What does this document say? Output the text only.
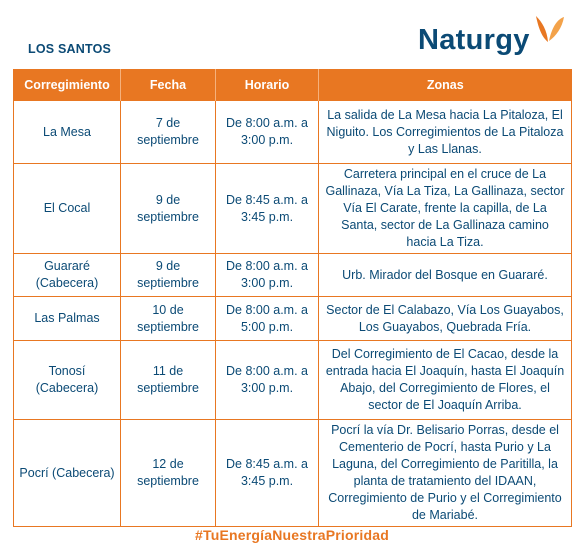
LOS SANTOS	Naturgy
Corregimiento	Fecha	Horario	Zonas
La Mesa	7 de septiembre	De 8:00 a.m. a 3:00 p.m.	La salida de La Mesa hacia La Pitaloza, El Niguito. Los Corregimientos de La Pitaloza y Las Llanas.
El Cocal	9 de septiembre	De 8:45 a.m. a 3:45 p.m.	Carretera principal en el cruce de La Gallinaza, Vía La Tiza, La Gallinaza, sector Vía El Carate, frente la capilla, de La Santa, sector de La Gallinaza camino hacia La Tiza.
Guararé (Cabecera)	9 de septiembre	De 8:00 a.m. a 3:00 p.m.	Urb. Mirador del Bosque en Guararé.
Las Palmas	10 de septiembre	De 8:00 a.m. a 5:00 p.m.	Sector de El Calabazo, Vía Los Guayabos, Los Guayabos, Quebrada Fría.
Tonosí (Cabecera)	11 de septiembre	De 8:00 a.m. a 3:00 p.m.	Del Corregimiento de El Cacao, desde la entrada hacia El Joaquín, hasta El Joaquín Abajo, del Corregimiento de Flores, el sector de El Joaquín Arriba.
Pocrí (Cabecera)	12 de septiembre	De 8:45 a.m. a 3:45 p.m.	Pocrí la vía Dr. Belisario Porras, desde el Cementerio de Pocrí, hasta Purio y La Laguna, del Corregimiento de Paritilla, la planta de tratamiento del IDAAN, Corregimiento de Purio y el Corregimiento de Mariabé.
#TuEnergíaNuestraPrioridad
